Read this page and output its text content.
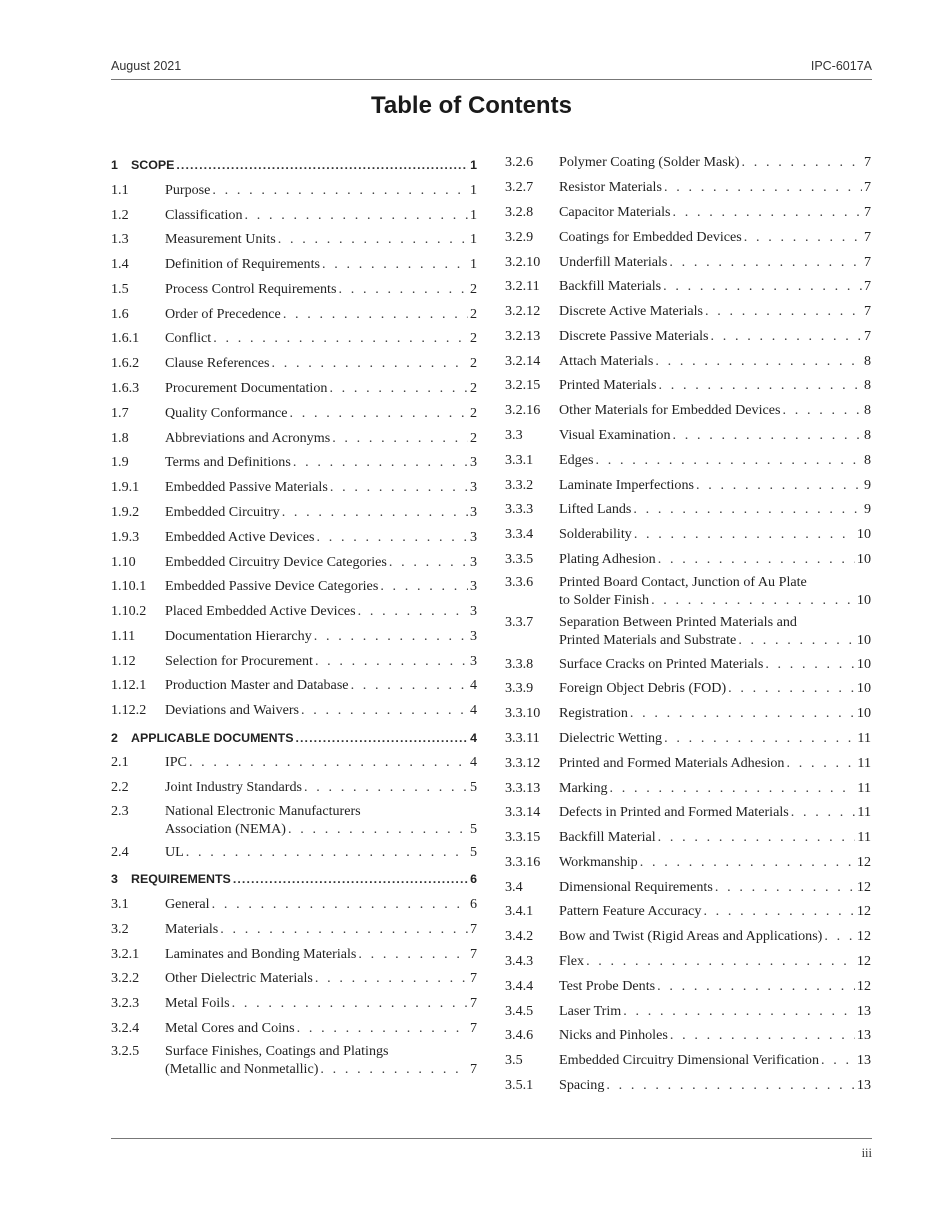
August 2021	IPC-6017A
Table of Contents
1 SCOPE .....	1
1.1	Purpose . . .	1
1.2	Classification . . .	1
1.3	Measurement Units . . .	1
1.4	Definition of Requirements . . .	1
1.5	Process Control Requirements . . .	2
1.6	Order of Precedence . . .	2
1.6.1 Conflict . . .	2
1.6.2 Clause References . . .	2
1.6.3 Procurement Documentation . . .	2
1.7	Quality Conformance . . .	2
1.8	Abbreviations and Acronyms . . .	2
1.9	Terms and Definitions . . .	3
1.9.1 Embedded Passive Materials . . .	3
1.9.2 Embedded Circuitry . . .	3
1.9.3 Embedded Active Devices . . .	3
1.10 Embedded Circuitry Device Categories . . .	3
1.10.1 Embedded Passive Device Categories . . .	3
1.10.2 Placed Embedded Active Devices . . .	3
1.11 Documentation Hierarchy . . .	3
1.12 Selection for Procurement . . .	3
1.12.1 Production Master and Database . . .	4
1.12.2 Deviations and Waivers . . .	4
2 APPLICABLE DOCUMENTS .....	4
2.1	IPC . . .	4
2.2	Joint Industry Standards . . .	5
2.3	National Electronic Manufacturers
Association (NEMA) . . .	5
2.4	UL . . .	5
3 REQUIREMENTS .....	6
3.1	General . . .	6
3.2	Materials . . .	7
3.2.1 Laminates and Bonding Materials . . .	7
3.2.2 Other Dielectric Materials . . .	7
3.2.3 Metal Foils . . .	7
3.2.4 Metal Cores and Coins . . .	7
3.2.5 Surface Finishes, Coatings and Platings
(Metallic and Nonmetallic) . . .	7
3.2.6 Polymer Coating (Solder Mask) . . .	7
3.2.7 Resistor Materials . . .	7
3.2.8 Capacitor Materials . . .	7
3.2.9 Coatings for Embedded Devices . . .	7
3.2.10 Underfill Materials . . .	7
3.2.11 Backfill Materials . . .	7
3.2.12 Discrete Active Materials . . .	7
3.2.13 Discrete Passive Materials . . .	7
3.2.14 Attach Materials . . .	8
3.2.15 Printed Materials . . .	8
3.2.16 Other Materials for Embedded Devices . . .	8
3.3	Visual Examination . . .	8
3.3.1 Edges . . .	8
3.3.2 Laminate Imperfections . . .	9
3.3.3 Lifted Lands . . .	9
3.3.4 Solderability . . .	10
3.3.5 Plating Adhesion . . .	10
3.3.6 Printed Board Contact, Junction of Au Plate
to Solder Finish . . .	10
3.3.7 Separation Between Printed Materials and
Printed Materials and Substrate . . .	10
3.3.8 Surface Cracks on Printed Materials . . .	10
3.3.9 Foreign Object Debris (FOD) . . .	10
3.3.10 Registration . . .	10
3.3.11 Dielectric Wetting . . .	11
3.3.12 Printed and Formed Materials Adhesion . . .	11
3.3.13 Marking . . .	11
3.3.14 Defects in Printed and Formed Materials . . .	11
3.3.15 Backfill Material . . .	11
3.3.16 Workmanship . . .	12
3.4	Dimensional Requirements . . .	12
3.4.1 Pattern Feature Accuracy . . .	12
3.4.2 Bow and Twist (Rigid Areas and Applications) . . . 12
3.4.3 Flex . . .	12
3.4.4 Test Probe Dents . . .	12
3.4.5 Laser Trim . . .	13
3.4.6 Nicks and Pinholes . . .	13
3.5	Embedded Circuitry Dimensional Verification . . .	13
3.5.1 Spacing . . .	13
iii
